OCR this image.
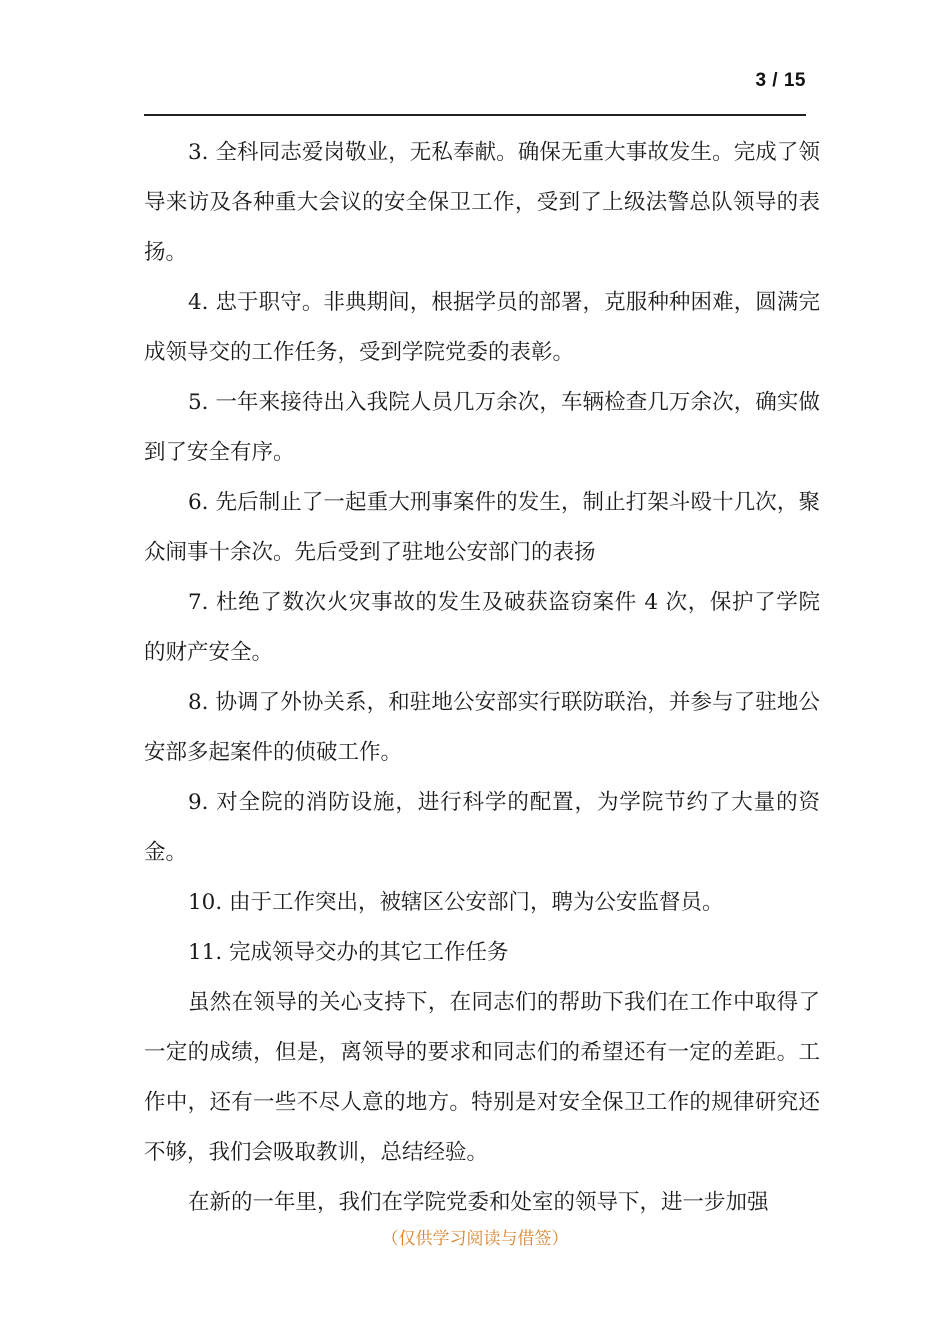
3 / 15

3. 全科同志爱岗敬业，无私奉献。确保无重大事故发生。完成了领导来访及各种重大会议的安全保卫工作，受到了上级法警总队领导的表扬。

4. 忠于职守。非典期间，根据学员的部署，克服种种困难，圆满完成领导交的工作任务，受到学院党委的表彰。

5. 一年来接待出入我院人员几万余次，车辆检查几万余次，确实做到了安全有序。

6. 先后制止了一起重大刑事案件的发生，制止打架斗殴十几次，聚众闹事十余次。先后受到了驻地公安部门的表扬

7. 杜绝了数次火灾事故的发生及破获盗窃案件 4 次，保护了学院的财产安全。

8. 协调了外协关系，和驻地公安部实行联防联治，并参与了驻地公安部多起案件的侦破工作。

9. 对全院的消防设施，进行科学的配置，为学院节约了大量的资金。

10. 由于工作突出，被辖区公安部门，聘为公安监督员。

11. 完成领导交办的其它工作任务

虽然在领导的关心支持下，在同志们的帮助下我们在工作中取得了一定的成绩，但是，离领导的要求和同志们的希望还有一定的差距。工作中，还有一些不尽人意的地方。特别是对安全保卫工作的规律研究还不够，我们会吸取教训，总结经验。

在新的一年里，我们在学院党委和处室的领导下，进一步加强

（仅供学习阅读与借签）
